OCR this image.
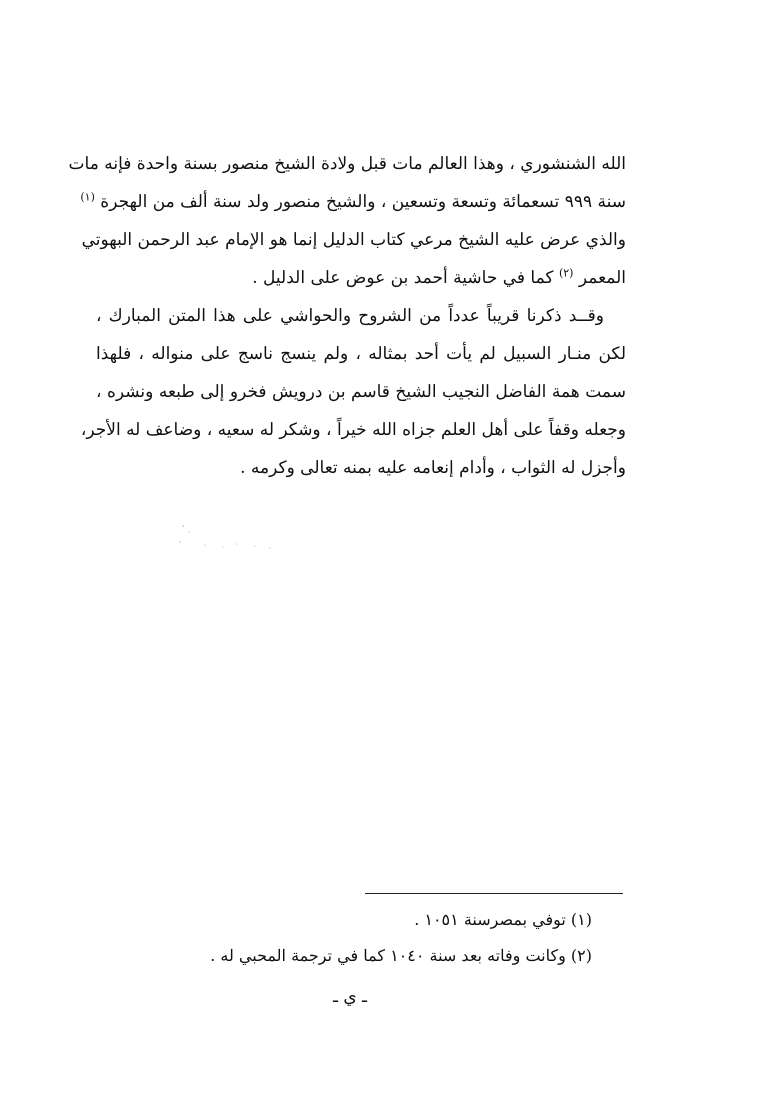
الله الشنشوري ، وهذا العالم مات قبل ولادة الشيخ منصور بسنة واحدة فإنه مات
سنة ٩٩٩ تسعمائة وتسعة وتسعين ، والشيخ منصور ولد سنة ألف من الهجرة $^{(١)}$
والذي عرض عليه الشيخ مرعي كتاب الدليل إنما هو الإمام عبد الرحمن البهوتي
المعمر $^{(٢)}$ كما في حاشية أحمد بن عوض على الدليل .
وقــد ذكرنا قريباً عدداً من الشروح والحواشي على هذا المتن المبارك ،
لكن منـار السبيل لم يأت أحد بمثاله ، ولم ينسج ناسج على منواله ، فلهذا
سمت همة الفاضل النجيب الشيخ قاسم بن درويش فخرو إلى طبعه ونشره ،
وجعله وقفاً على أهل العلم جزاه الله خيراً ، وشكر له سعيه ، وضاعف له الأجر،
وأجزل له الثواب ، وأدام إنعامه عليه بمنه تعالى وكرمه .
(١) توفي بمصرسنة ١٠٥١ .
(٢) وكانت وفاته بعد سنة ١٠٤٠ كما في ترجمة المحبي له .
ـ ي ـ
